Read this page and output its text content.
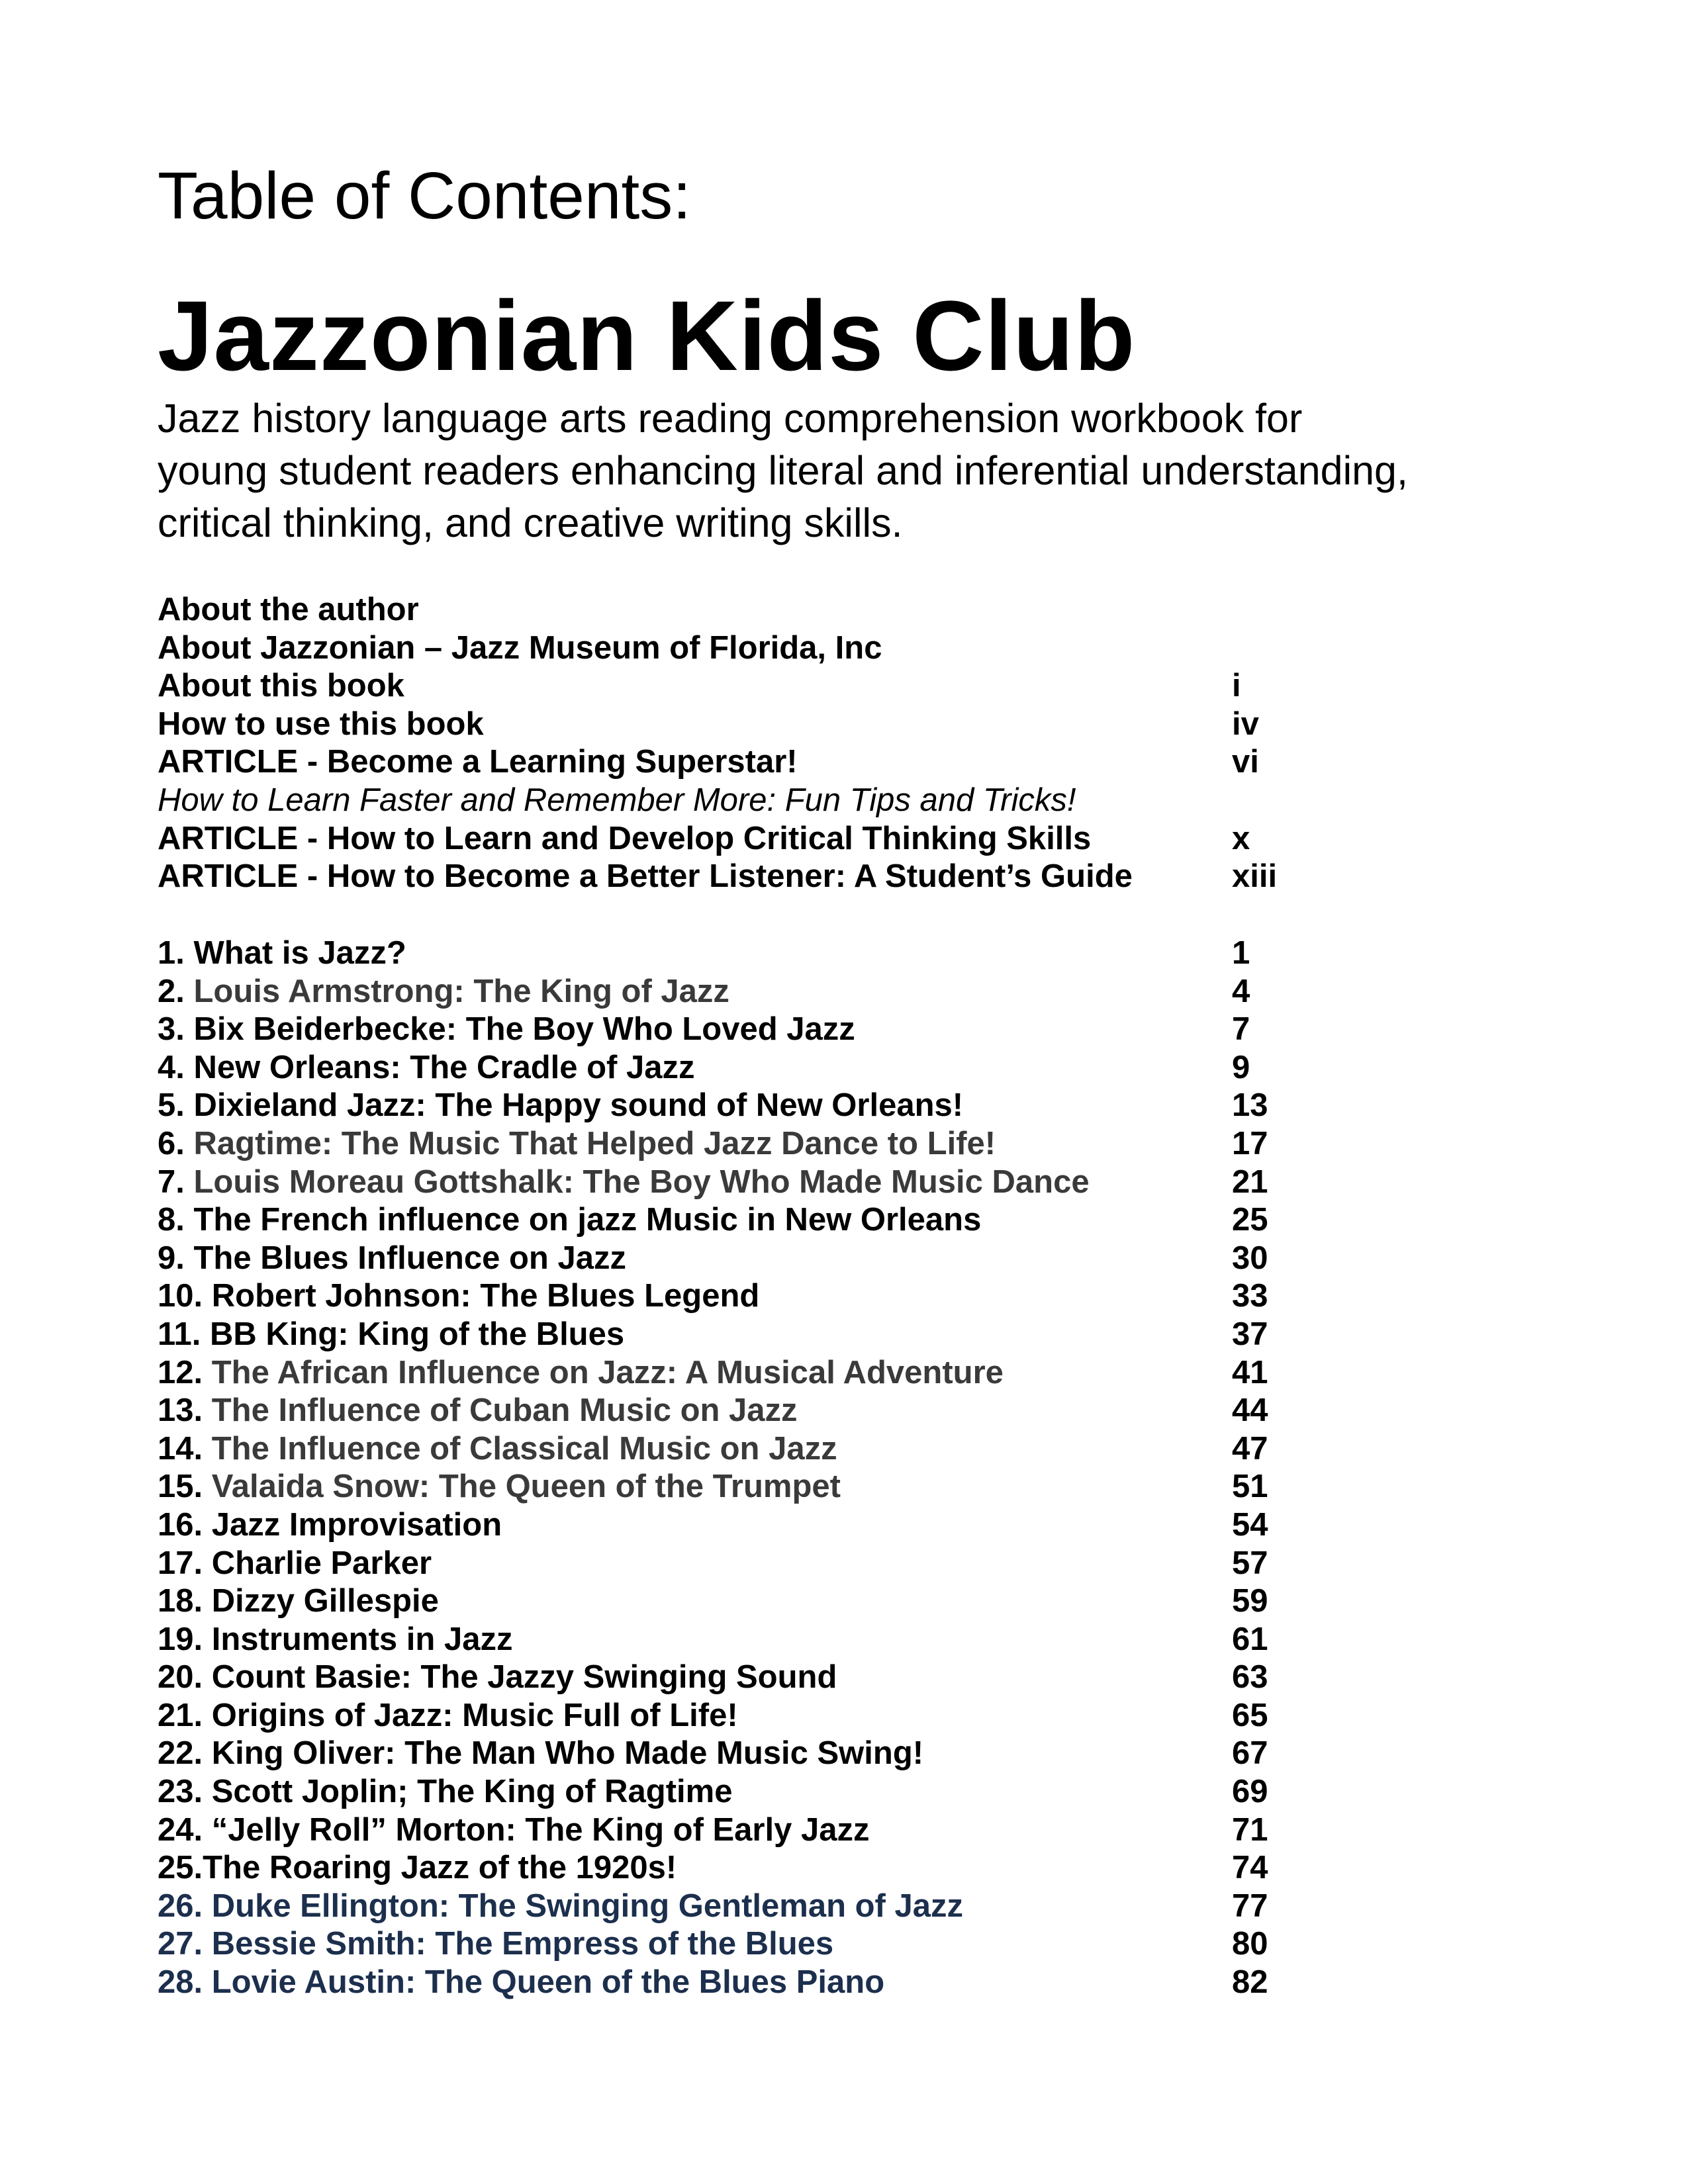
Table of Contents:
Jazzonian Kids Club
Jazz history language arts reading comprehension workbook for
young student readers enhancing literal and inferential understanding,
critical thinking, and creative writing skills.
About the author
About Jazzonian – Jazz Museum of Florida, Inc
About this book	i
How to use this book	iv
ARTICLE - Become a Learning Superstar!	vi
How to Learn Faster and Remember More: Fun Tips and Tricks!
ARTICLE - How to Learn and Develop Critical Thinking Skills	x
ARTICLE - How to Become a Better Listener: A Student’s Guide	xiii
1. What is Jazz?	1
2. Louis Armstrong: The King of Jazz	4
3. Bix Beiderbecke: The Boy Who Loved Jazz	7
4. New Orleans: The Cradle of Jazz	9
5. Dixieland Jazz: The Happy sound of New Orleans!	13
6. Ragtime: The Music That Helped Jazz Dance to Life!	17
7. Louis Moreau Gottshalk: The Boy Who Made Music Dance	21
8. The French influence on jazz Music in New Orleans	25
9. The Blues Influence on Jazz	30
10. Robert Johnson: The Blues Legend	33
11. BB King: King of the Blues	37
12. The African Influence on Jazz: A Musical Adventure	41
13. The Influence of Cuban Music on Jazz	44
14. The Influence of Classical Music on Jazz	47
15. Valaida Snow: The Queen of the Trumpet	51
16. Jazz Improvisation	54
17. Charlie Parker	57
18. Dizzy Gillespie	59
19. Instruments in Jazz	61
20. Count Basie: The Jazzy Swinging Sound	63
21. Origins of Jazz: Music Full of Life!	65
22. King Oliver: The Man Who Made Music Swing!	67
23. Scott Joplin; The King of Ragtime	69
24. “Jelly Roll” Morton: The King of Early Jazz	71
25.The Roaring Jazz of the 1920s!	74
26. Duke Ellington: The Swinging Gentleman of Jazz	77
27. Bessie Smith: The Empress of the Blues	80
28. Lovie Austin: The Queen of the Blues Piano	82
